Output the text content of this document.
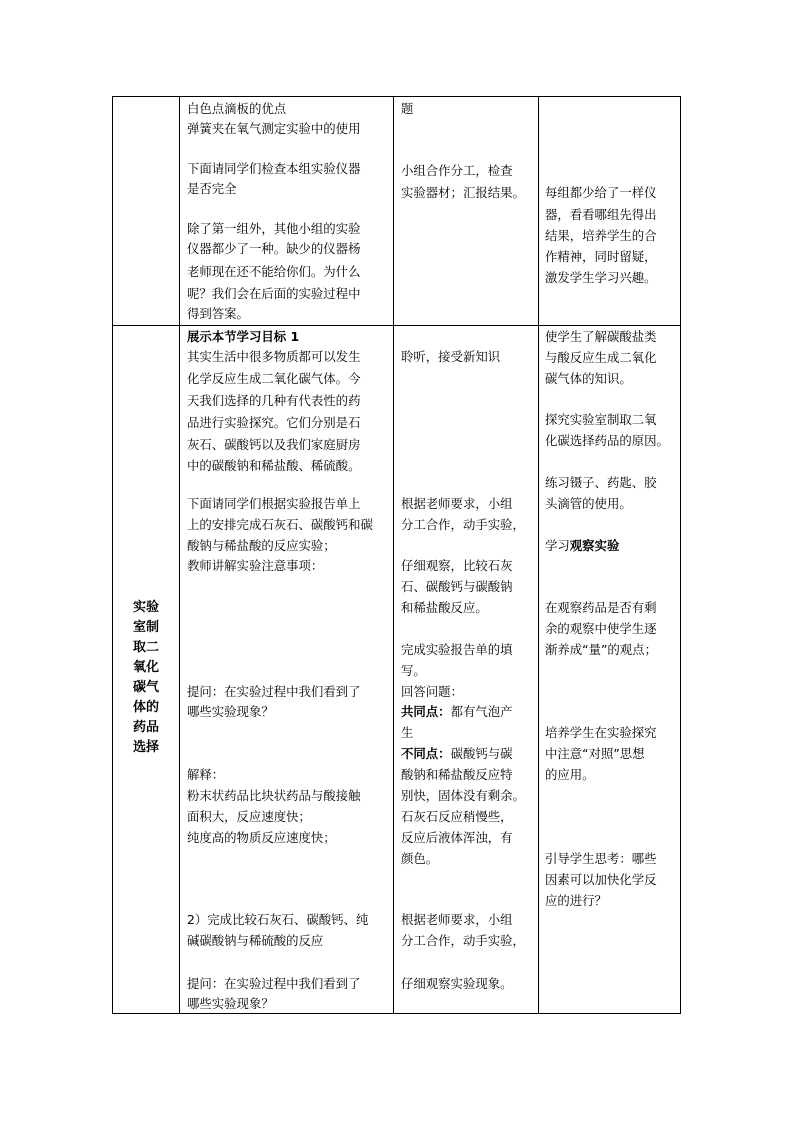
白色点滴板的优点
弹簧夹在氧气测定实验中的使用
下面请同学们检查本组实验仪器
是否完全
除了第一组外，其他小组的实验
仪器都少了一种。缺少的仪器杨
老师现在还不能给你们。为什么
呢？我们会在后面的实验过程中
得到答案。
题
小组合作分工，检查
实验器材；汇报结果。 每组都少给了一样仪
器，看看哪组先得出
结果，培养学生的合
作精神，同时留疑，
激发学生学习兴趣。
实验
室制
取二
氧化
碳气
体的
药品
选择
展示本节学习目标 1
其实生活中很多物质都可以发生
化学反应生成二氧化碳气体。今
天我们选择的几种有代表性的药
品进行实验探究。它们分别是石
灰石、碳酸钙以及我们家庭厨房
中的碳酸钠和稀盐酸、稀硫酸。
下面请同学们根据实验报告单上
上的安排完成石灰石、碳酸钙和碳
酸钠与稀盐酸的反应实验；
教师讲解实验注意事项：
提问：在实验过程中我们看到了
哪些实验现象？
解释：
粉末状药品比块状药品与酸接触
面积大，反应速度快；
纯度高的物质反应速度快；
2）完成比较石灰石、碳酸钙、纯
碱碳酸钠与稀硫酸的反应
提问：在实验过程中我们看到了
哪些实验现象？
聆听，接受新知识
根据老师要求，小组
分工合作，动手实验，
仔细观察，比较石灰
石、碳酸钙与碳酸钠
和稀盐酸反应。
完成实验报告单的填
写。
回答问题：
共同点：都有气泡产
生
不同点：碳酸钙与碳
酸钠和稀盐酸反应特
别快，固体没有剩余。
石灰石反应稍慢些，
反应后液体浑浊，有
颜色。
根据老师要求，小组
分工合作，动手实验，
仔细观察实验现象。
使学生了解碳酸盐类
与酸反应生成二氧化
碳气体的知识。
探究实验室制取二氧
化碳选择药品的原因。
练习镊子、药匙、胶
头滴管的使用。
学习观察实验
在观察药品是否有剩
余的观察中使学生逐
渐养成“量”的观点；
培养学生在实验探究
中注意“对照”思想
的应用。
引导学生思考：哪些
因素可以加快化学反
应的进行？
